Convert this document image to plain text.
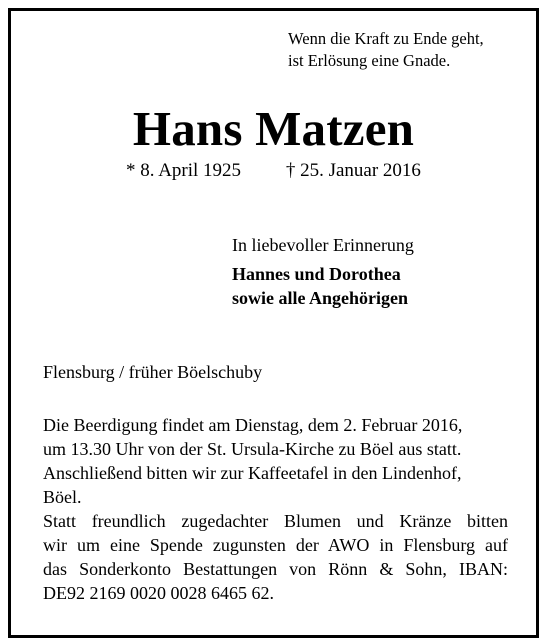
Wenn die Kraft zu Ende geht,
ist Erlösung eine Gnade.
Hans Matzen
* 8. April 1925 † 25. Januar 2016
In liebevoller Erinnerung
Hannes und Dorothea
sowie alle Angehörigen
Flensburg / früher Böelschuby
Die Beerdigung findet am Dienstag, dem 2. Februar 2016,
um 13.30 Uhr von der St. Ursula-Kirche zu Böel aus statt.
Anschließend bitten wir zur Kaffeetafel in den Lindenhof,
Böel.
Statt freundlich zugedachter Blumen und Kränze bitten
wir um eine Spende zugunsten der AWO in Flensburg auf
das Sonderkonto Bestattungen von Rönn & Sohn, IBAN:
DE92 2169 0020 0028 6465 62.
